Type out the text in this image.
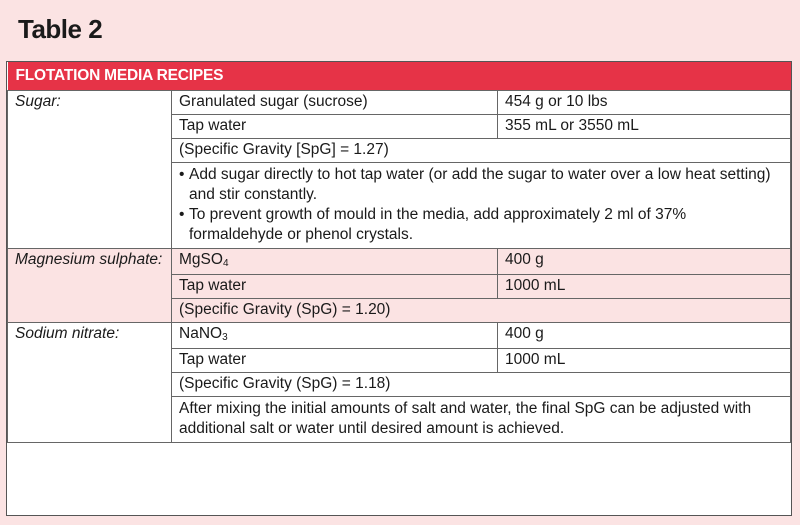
Table 2
FLOTATION MEDIA RECIPES		
Sugar:	Granulated sugar (sucrose)	454 g or 10 lbs
	Tap water	355 mL or 3550 mL
	(Specific Gravity [SpG] = 1.27)	

	• Add sugar directly to hot tap water (or add the sugar to water over a low heat setting) and stir constantly.
• To prevent growth of mould in the media, add approximately 2 ml of 37% formaldehyde or phenol crystals.	

Magnesium sulphate:	MgSO$_4$	400 g
	Tap water	1000 mL
	(Specific Gravity (SpG) = 1.20)	
Sodium nitrate:	NaNO$_3$	400 g
	Tap water	1000 mL
	(Specific Gravity (SpG) = 1.18)	
	After mixing the initial amounts of salt and water, the final SpG can be adjusted with additional salt or water until desired amount is achieved.	
